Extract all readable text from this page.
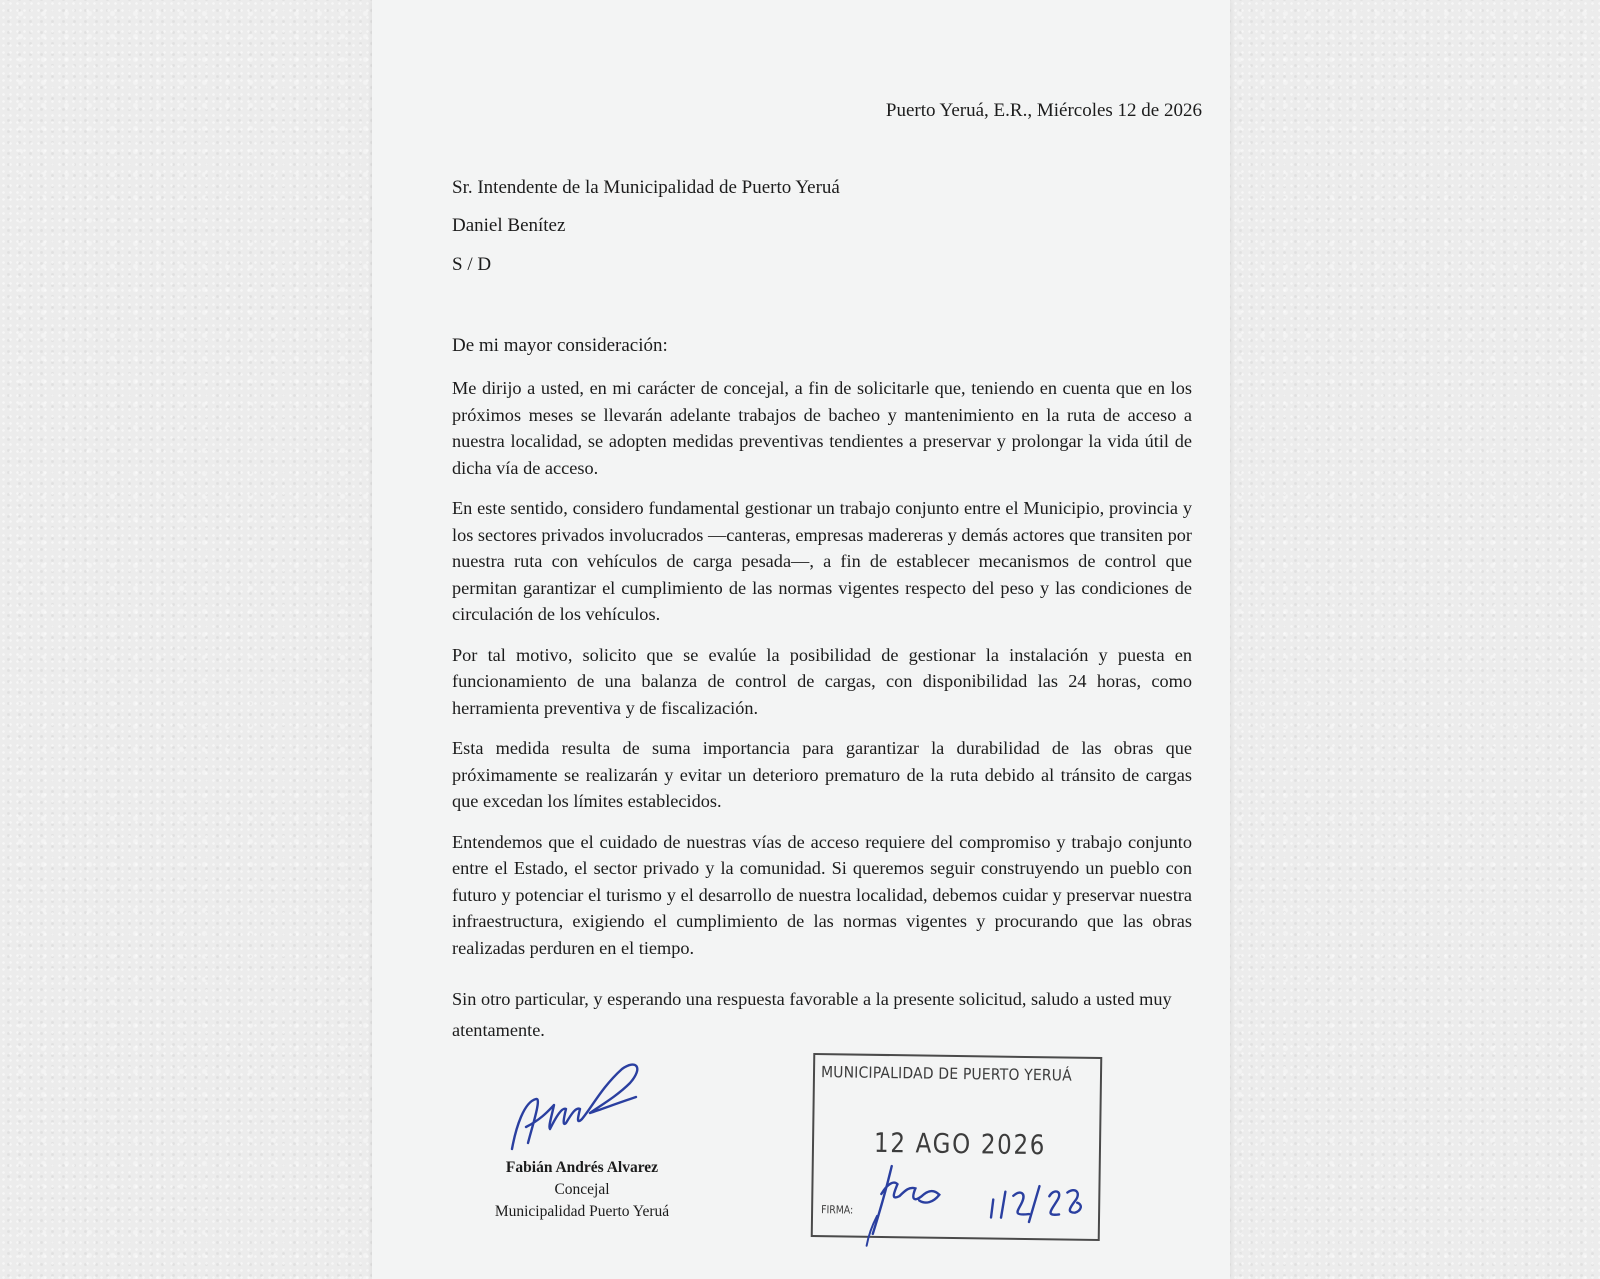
Puerto Yeruá, E.R., Miércoles 12 de 2026
Sr. Intendente de la Municipalidad de Puerto Yeruá
Daniel Benítez
S / D
De mi mayor consideración:

Me dirijo a usted, en mi carácter de concejal, a fin de solicitarle que, teniendo en cuenta que en los próximos meses se llevarán adelante trabajos de bacheo y mantenimiento en la ruta de acceso a nuestra localidad, se adopten medidas preventivas tendientes a preservar y prolongar la vida útil de dicha vía de acceso.

En este sentido, considero fundamental gestionar un trabajo conjunto entre el Municipio, provincia y los sectores privados involucrados —canteras, empresas madereras y demás actores que transiten por nuestra ruta con vehículos de carga pesada—, a fin de establecer mecanismos de control que permitan garantizar el cumplimiento de las normas vigentes respecto del peso y las condiciones de circulación de los vehículos.

Por tal motivo, solicito que se evalúe la posibilidad de gestionar la instalación y puesta en funcionamiento de una balanza de control de cargas, con disponibilidad las 24 horas, como herramienta preventiva y de fiscalización.

Esta medida resulta de suma importancia para garantizar la durabilidad de las obras que próximamente se realizarán y evitar un deterioro prematuro de la ruta debido al tránsito de cargas que excedan los límites establecidos.

Entendemos que el cuidado de nuestras vías de acceso requiere del compromiso y trabajo conjunto entre el Estado, el sector privado y la comunidad. Si queremos seguir construyendo un pueblo con futuro y potenciar el turismo y el desarrollo de nuestra localidad, debemos cuidar y preservar nuestra infraestructura, exigiendo el cumplimiento de las normas vigentes y procurando que las obras realizadas perduren en el tiempo.

Sin otro particular, y esperando una respuesta favorable a la presente solicitud, saludo a usted muy atentamente.

Fabián Andrés Alvarez
Concejal
Municipalidad Puerto Yeruá
MUNICIPALIDAD DE PUERTO YERUÁ
12 AGO 2026
FIRMA:
